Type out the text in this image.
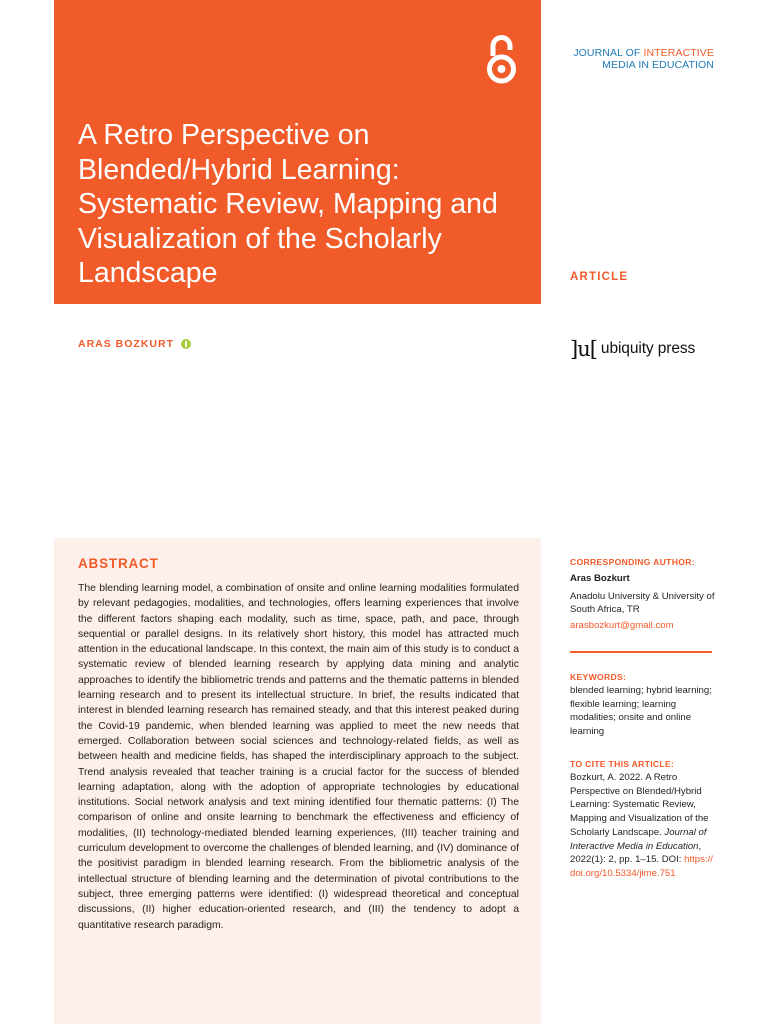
A Retro Perspective on Blended/Hybrid Learning: Systematic Review, Mapping and Visualization of the Scholarly Landscape
JOURNAL OF INTERACTIVE
MEDIA IN EDUCATION
ARTICLE
ARAS BOZKURT	]u[ ubiquity press
ABSTRACT

The blending learning model, a combination of onsite and online learning modalities formulated by relevant pedagogies, modalities, and technologies, offers learning experiences that involve the different factors shaping each modality, such as time, space, path, and pace, through sequential or parallel designs. In its relatively short history, this model has attracted much attention in the educational landscape. In this context, the main aim of this study is to conduct a systematic review of blended learning research by applying data mining and analytic approaches to identify the bibliometric trends and patterns and the thematic patterns in blended learning research and to present its intellectual structure. In brief, the results indicated that interest in blended learning research has remained steady, and that this interest peaked during the Covid-19 pandemic, when blended learning was applied to meet the new needs that emerged. Collaboration between social sciences and technology-related fields, as well as between health and medicine fields, has shaped the interdisciplinary approach to the subject. Trend analysis revealed that teacher training is a crucial factor for the success of blended learning adaptation, along with the adoption of appropriate technologies by educational institutions. Social network analysis and text mining identified four thematic patterns: (I) The comparison of online and onsite learning to benchmark the effectiveness and efficiency of modalities, (II) technology-mediated blended learning experiences, (III) teacher training and curriculum development to overcome the challenges of blended learning, and (IV) dominance of the positivist paradigm in blended learning research. From the bibliometric analysis of the intellectual structure of blending learning and the determination of pivotal contributions to the subject, three emerging patterns were identified: (I) widespread theoretical and conceptual discussions, (II) higher education-oriented research, and (III) the tendency to adopt a quantitative research paradigm.

CORRESPONDING AUTHOR:
Aras Bozkurt
Anadolu University & University of South Africa, TR
arasbozkurt@gmail.com
KEYWORDS:
blended learning; hybrid learning; flexible learning; learning modalities; onsite and online learning
TO CITE THIS ARTICLE:
Bozkurt, A. 2022. A Retro Perspective on Blended/Hybrid Learning: Systematic Review, Mapping and Visualization of the Scholarly Landscape. Journal of Interactive Media in Education, 2022(1): 2, pp. 1–15. DOI: https://doi.org/10.5334/jime.751
